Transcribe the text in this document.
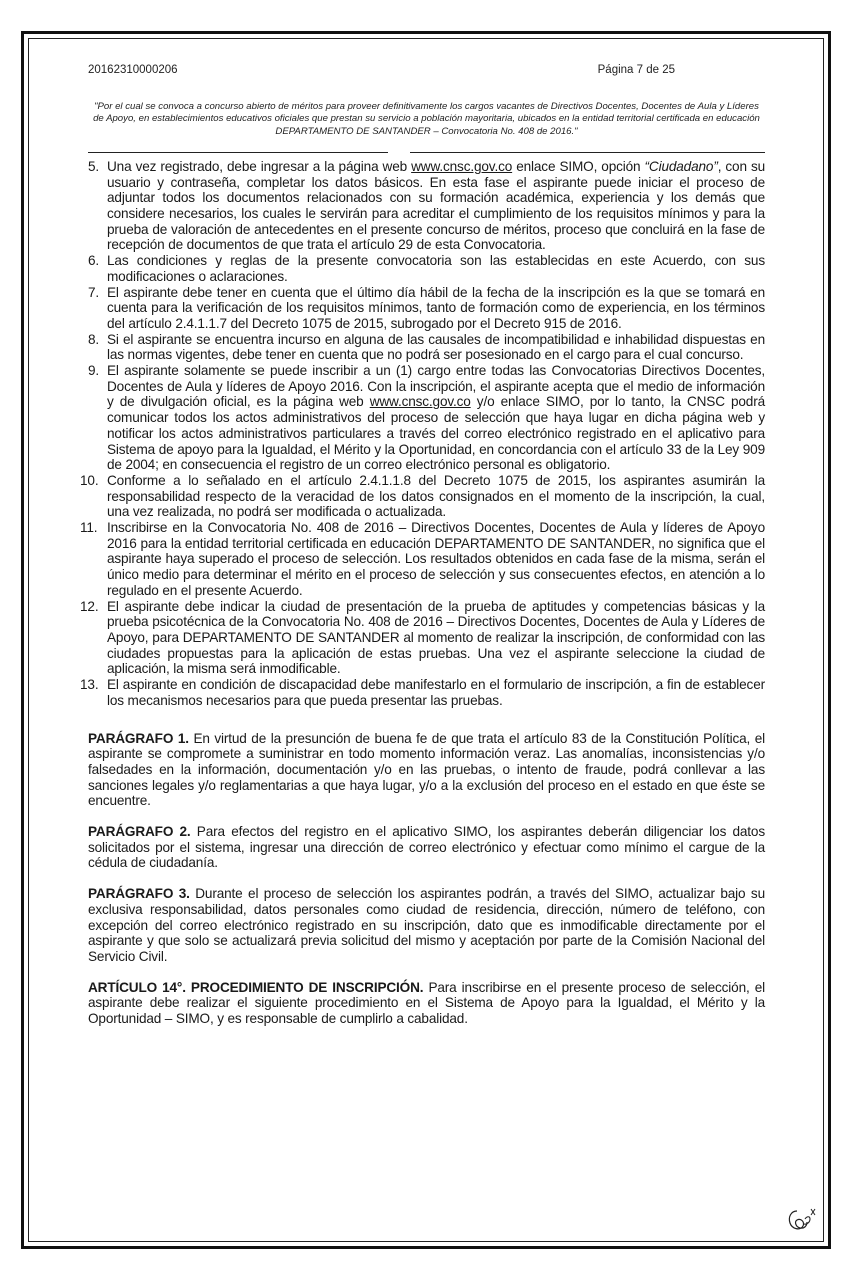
20162310000206	Página 7 de 25
"Por el cual se convoca a concurso abierto de méritos para proveer definitivamente los cargos vacantes de Directivos Docentes, Docentes de Aula y Líderes de Apoyo, en establecimientos educativos oficiales que prestan su servicio a población mayoritaria, ubicados en la entidad territorial certificada en educación DEPARTAMENTO DE SANTANDER – Convocatoria No. 408 de 2016."
5. Una vez registrado, debe ingresar a la página web www.cnsc.gov.co enlace SIMO, opción “Ciudadano”, con su usuario y contraseña, completar los datos básicos. En esta fase el aspirante puede iniciar el proceso de adjuntar todos los documentos relacionados con su formación académica, experiencia y los demás que considere necesarios, los cuales le servirán para acreditar el cumplimiento de los requisitos mínimos y para la prueba de valoración de antecedentes en el presente concurso de méritos, proceso que concluirá en la fase de recepción de documentos de que trata el artículo 29 de esta Convocatoria.
6. Las condiciones y reglas de la presente convocatoria son las establecidas en este Acuerdo, con sus modificaciones o aclaraciones.
7. El aspirante debe tener en cuenta que el último día hábil de la fecha de la inscripción es la que se tomará en cuenta para la verificación de los requisitos mínimos, tanto de formación como de experiencia, en los términos del artículo 2.4.1.1.7 del Decreto 1075 de 2015, subrogado por el Decreto 915 de 2016.
8. Si el aspirante se encuentra incurso en alguna de las causales de incompatibilidad e inhabilidad dispuestas en las normas vigentes, debe tener en cuenta que no podrá ser posesionado en el cargo para el cual concurso.
9. El aspirante solamente se puede inscribir a un (1) cargo entre todas las Convocatorias Directivos Docentes, Docentes de Aula y líderes de Apoyo 2016. Con la inscripción, el aspirante acepta que el medio de información y de divulgación oficial, es la página web www.cnsc.gov.co y/o enlace SIMO, por lo tanto, la CNSC podrá comunicar todos los actos administrativos del proceso de selección que haya lugar en dicha página web y notificar los actos administrativos particulares a través del correo electrónico registrado en el aplicativo para Sistema de apoyo para la Igualdad, el Mérito y la Oportunidad, en concordancia con el artículo 33 de la Ley 909 de 2004; en consecuencia el registro de un correo electrónico personal es obligatorio.
10. Conforme a lo señalado en el artículo 2.4.1.1.8 del Decreto 1075 de 2015, los aspirantes asumirán la responsabilidad respecto de la veracidad de los datos consignados en el momento de la inscripción, la cual, una vez realizada, no podrá ser modificada o actualizada.
11. Inscribirse en la Convocatoria No. 408 de 2016 – Directivos Docentes, Docentes de Aula y líderes de Apoyo 2016 para la entidad territorial certificada en educación DEPARTAMENTO DE SANTANDER, no significa que el aspirante haya superado el proceso de selección. Los resultados obtenidos en cada fase de la misma, serán el único medio para determinar el mérito en el proceso de selección y sus consecuentes efectos, en atención a lo regulado en el presente Acuerdo.
12. El aspirante debe indicar la ciudad de presentación de la prueba de aptitudes y competencias básicas y la prueba psicotécnica de la Convocatoria No. 408 de 2016 – Directivos Docentes, Docentes de Aula y Líderes de Apoyo, para DEPARTAMENTO DE SANTANDER al momento de realizar la inscripción, de conformidad con las ciudades propuestas para la aplicación de estas pruebas. Una vez el aspirante seleccione la ciudad de aplicación, la misma será inmodificable.
13. El aspirante en condición de discapacidad debe manifestarlo en el formulario de inscripción, a fin de establecer los mecanismos necesarios para que pueda presentar las pruebas.
PARÁGRAFO 1. En virtud de la presunción de buena fe de que trata el artículo 83 de la Constitución Política, el aspirante se compromete a suministrar en todo momento información veraz. Las anomalías, inconsistencias y/o falsedades en la información, documentación y/o en las pruebas, o intento de fraude, podrá conllevar a las sanciones legales y/o reglamentarias a que haya lugar, y/o a la exclusión del proceso en el estado en que éste se encuentre.
PARÁGRAFO 2. Para efectos del registro en el aplicativo SIMO, los aspirantes deberán diligenciar los datos solicitados por el sistema, ingresar una dirección de correo electrónico y efectuar como mínimo el cargue de la cédula de ciudadanía.
PARÁGRAFO 3. Durante el proceso de selección los aspirantes podrán, a través del SIMO, actualizar bajo su exclusiva responsabilidad, datos personales como ciudad de residencia, dirección, número de teléfono, con excepción del correo electrónico registrado en su inscripción, dato que es inmodificable directamente por el aspirante y que solo se actualizará previa solicitud del mismo y aceptación por parte de la Comisión Nacional del Servicio Civil.
ARTÍCULO 14°. PROCEDIMIENTO DE INSCRIPCIÓN. Para inscribirse en el presente proceso de selección, el aspirante debe realizar el siguiente procedimiento en el Sistema de Apoyo para la Igualdad, el Mérito y la Oportunidad – SIMO, y es responsable de cumplirlo a cabalidad.
